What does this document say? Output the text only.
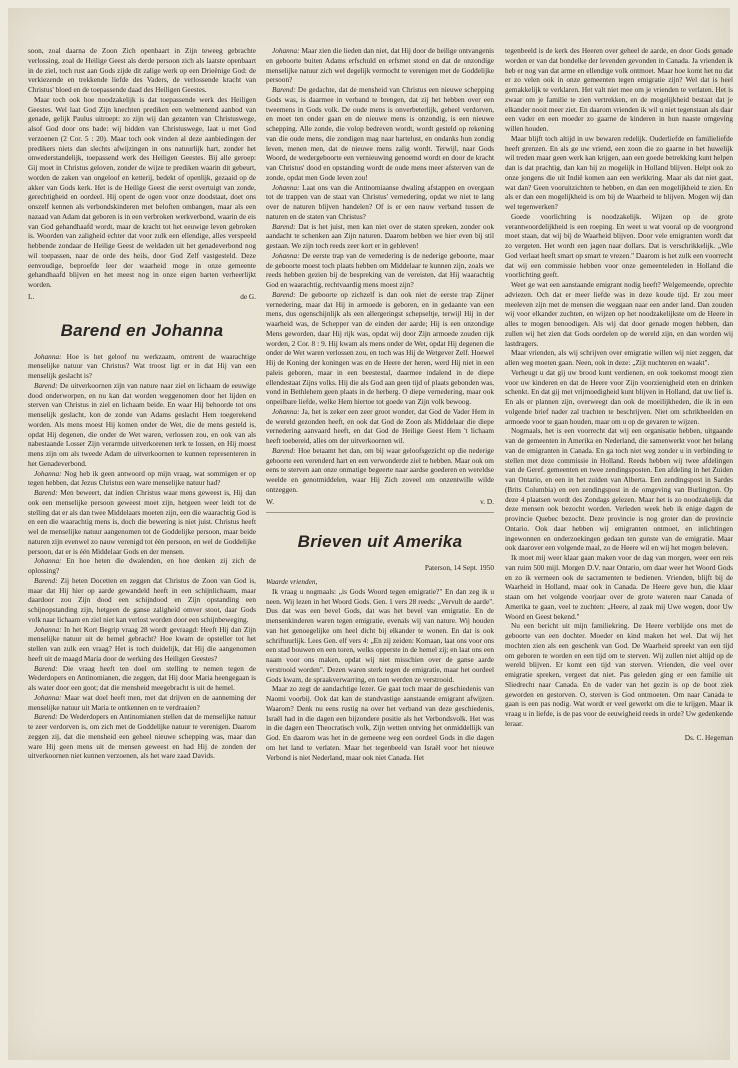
soon, zoal daarna de Zoon Zich openbaart in Zijn teweeg gebrachte verlossing, zoal de Heilige Geest als derde persoon zich als laatste openbaart in de ziel, toch rust aan Gods zijde dit zalige werk op een Drieënige God: de verkiezende en trekkende liefde des Vaders, de verlossende kracht van Christus' bloed en de toepassende daad des Heiligen Geestes.

Maar toch ook hoe noodzakelijk is dat toepassende werk des Heiligen Geestes. Wel laat God Zijn knechten prediken een welmenend aanbod van genade, gelijk Paulus uitroept: zo zijn wij dan gezanten van Christuswege, alsof God door ons bade: wij bidden van Christuswege, laat u met God verzoenen (2 Cor. 5 : 20). Maar toch ook vinden al deze aanbiedingen der predikers niets dan slechts afwijzingen in ons natuurlijk hart, zonder het onwederstandelijk, toepassend werk des Heiligen Geestes. Bij alle geroep: Gij moet in Christus geloven, zonder de wijze te prediken waarin dit gebeurt, worden de zaken van ongeloof en ketterij, bedekt of openlijk, gezaaid op de akker van Gods kerk. Het is de Heilige Geest die eerst overtuigt van zonde, gerechtigheid en oordeel. Hij opent de ogen voor onze doodstaat, doet ons onszelf kennen als verbondskinderen met beloften ombangen, maar als een nazaad van Adam dat geboren is in een verbroken werkverbond, waarin de eis van God gehandhaafd wordt, maar de kracht tot het eeuwige leven gebroken is. Woorden van zaligheid echter dat voor zulk een ellendige, alles verspeeld hebbende zondaar de Heilige Geest de weldaden uit het genadeverbond nog wil toepassen, naar de orde des heils, door God Zelf vastgesteld. Deze eenvoudige, beproefde leer der waarheid moge in onze gemeente gehandhaafd blijven en het meest nog in onze eigen harten verheerlijkt worden.

L.	de G.
Barend en Johanna

Johanna: Hoe is het geloof nu werkzaam, omtrent de waarachtige menselijke natuur van Christus? Wat troost ligt er in dat Hij van een menselijk geslacht is?

Barend: De uitverkoornen zijn van nature naar ziel en lichaam de eeuwige dood onderworpen, en nu kan dat worden weggenomen door het lijden en sterven van Christus in ziel en lichaam beide. En waar Hij behoorde tot ons menselijk geslacht, kon de zonde van Adams geslacht Hem toegerekend worden. Als mens moest Hij komen onder de Wet, die de mens gesteld is, opdat Hij degenen, die onder de Wet waren, verlossen zou, en ook van als nabestaande Losser Zijn verarmde uitverkorenen terk te lossen, en Hij moest mens zijn om als tweede Adam de uitverkoornen te kunnen representeren in het Genadeverbond.

Johanna: Nog heb ik geen antwoord op mijn vraag, wat sommigen er op tegen hebben, dat Jezus Christus een ware menselijke natuur had?

Barend: Men beweert, dat indien Christus waar mens geweest is, Hij dan ook een menselijke persoon geweest moet zijn, hetgeen weer leidt tot de stelling dat er als dan twee Middelaars moeten zijn, een die waarachtig God is en een die waarachtig mens is, doch die bewering is niet juist. Christus heeft wel de menselijke natuur aangenomen tot de Goddelijke persoon, maar beide naturen zijn evenwel zo nauw verenigd tot één persoon, en wel de Goddelijke persoon, dat er is één Middelaar Gods en der mensen.

Johanna: En hoe heten die dwalenden, en hoe denken zij zich de oplossing?

Barend: Zij heten Docetten en zeggen dat Christus de Zoon van God is, maar dat Hij hier op aarde gewandeld heeft in een schijnlichaam, maar daardoor zou Zijn dood een schijndood en Zijn opstanding een schijnopstanding zijn, hetgeen de ganse zaligheid omver stoot, daar Gods volk naar lichaam en ziel niet kan verlost worden door een schijnbeweging.

Johanna: In het Kort Begrip vraag 28 wordt gevraagd: Heeft Hij dan Zijn menselijke natuur uit de hemel gebracht? Hoe kwam de opsteller tot het stellen van zulk een vraag? Het is toch duidelijk, dat Hij die aangenomen heeft uit de maagd Maria door de werking des Heiligen Geestes?

Barend: Die vraag heeft ten doel om stelling te nemen tegen de Wederdopers en Antinomianen, die zeggen, dat Hij door Maria heengegaan is als water door een goot; dat die mensheid meegebracht is uit de hemel.

Johanna: Maar wat doel heeft men, met dat drijven en de aanneming der menselijke natuur uit Maria te ontkennen en te verdraaien?

Barend: De Wederdopers en Antinomianen stellen dat de menselijke natuur te zeer verdorven is, om zich met de Goddelijke natuur te verenigen. Daarom zeggen zij, dat die mensheid een geheel nieuwe schepping was, maar dan ware Hij geen mens uit de mensen geweest en had Hij de zonden der uitverkoornen niet kunnen verzoenen, als het ware zaad Davids.

Johanna: Maar zien die lieden dan niet, dat Hij door de heilige ontvangenis en geboorte buiten Adams erfschuld en erfsmet stond en dat de onzondige menselijke natuur zich wel degelijk vermocht te verenigen met de Goddelijke persoon?

Barend: De gedachte, dat de mensheid van Christus een nieuwe schepping Gods was, is daarmee in verband te brengen, dat zij het hebben over een tweemens in Gods volk. De oude mens is onverbeterlijk, geheel verdorven, en moet ten onder gaan en de nieuwe mens is onzondig, is een nieuwe schepping. Alle zonde, die volop bedreven wordt, wordt gesteld op rekening van die oude mens, die zondigen mag naar hartelust, en ondanks hun zondig leven, menen men, dat de nieuwe mens zalig wordt. Terwijl, naar Gods Woord, de wedergeboorte een vernieuwing genoemd wordt en door de kracht van Christus' dood en opstanding wordt de oude mens meer afsterven van de zonde, opdat men Gode leven zou!

Johanna: Laat ons van die Antinomiaanse dwaling afstappen en overgaan tot de trappen van de staat van Christus' vernedering, opdat we niet te lang over de naturen blijven handelen? Of is er een nauw verband tussen de naturen en de staten van Christus?

Barend: Dat is het juist, men kan niet over de staten spreken, zonder ook aandacht te schenken aan Zijn naturen. Daarom hebben we hier even bij stil gestaan. We zijn toch reeds zeer kort er in gebleven!

Johanna: De eerste trap van de vernedering is de nederige geboorte, maar de geboorte moest toch plaats hebben om Middelaar te kunnen zijn, zoals we reeds hebben gezien bij de bespreking van de vereisten, dat Hij waarachtig God en waarachtig, rechtvaardig mens moest zijn?

Barend: De geboorte op zichzelf is dan ook niet de eerste trap Zijner vernedering, maar dat Hij in armoede is geboren, en in gedaante van een mens, dus ogenschijnlijk als een allergeringst schepseltje, terwijl Hij in der waarheid was, de Schepper van de einden der aarde; Hij is een onzondige Mens geworden, daar Hij rijk was, opdat wij door Zijn armoede zouden rijk worden, 2 Cor. 8 : 9. Hij kwam als mens onder de Wet, opdat Hij degenen die onder de Wet waren verlossen zou, en toch was Hij de Wetgever Zelf. Hoewel Hij de Koning der koningen was en de Heere der heren, werd Hij niet in een paleis geboren, maar in een beestestal, daarmee indalend in de diepe ellendestaat Zijns volks. Hij die als God aan geen tijd of plaats gebonden was, vond in Bethlehem geen plaats in de herberg. O diepe vernedering, maar ook onpeilbare liefde, welke Hem hiertoe tot goede van Zijn volk bewoog.

Johanna: Ja, het is zeker een zeer groot wonder, dat God de Vader Hem in de wereld gezonden heeft, en ook dat God de Zoon als Middelaar die diepe vernedering aanvaard heeft, en dat God de Heilige Geest Hem 't lichaam heeft toebereid, alles om der uitverkoornen wil.

Barend: Hoe betaamt het dan, om bij waar geloofsgezicht op die nederige geboorte een verenderd hart en een verwonderde ziel te hebben. Maar ook om eens te sterven aan onze onmatige begeerte naar aardse goederen en wereldse weelde en genotmiddelen, waar Hij Zich zoveel om onzentwille wilde ontzeggen.

W.	v. D.
Brieven uit Amerika
Paterson, 14 Sept. 1950
Waarde vrienden,

Ik vraag u nogmaals: „is Gods Woord tegen emigratie?" En dan zeg ik u neen. Wij lezen in het Woord Gods. Gen. 1 vers 28 reeds: „Vervult de aarde". Dus dat was een bevel Gods, dat was het bevel van emigratie. En de mensenkinderen waren tegen emigratie, evenals wij van nature. Wij houden van het genoegelijke om heel dicht bij elkander te wonen. En dat is ook schriftuurlijk. Lees Gen. elf vers 4: „En zij zeiden: Komaan, laat ons voor ons een stad bouwen en een toren, welks opperste in de hemel zij; en laat ons een naam voor ons maken, opdat wij niet misschien over de ganse aarde verstrooid worden". Dezen waren sterk tegen de emigratie, maar het oordeel Gods kwam, de spraakverwarring, en toen werden ze verstrooid.

Maar zo zegt de aandachtige lezer. Ge gaat toch maar de geschiedenis van Naomi voorbij. Ook dat kan de standvastige aanstaande emigrant afwijzen. Waarom? Denk nu eens rustig na over het verband van deze geschiedenis, Israël had in die dagen een bijzondere positie als het Verbondsvolk. Het was in die dagen een Theocratisch volk, Zijn wetten ontving het onmiddellijk van God. En daarom was het in de gemeene weg een oordeel Gods in die dagen om het land te verlaten. Maar het tegenbeeld van Israël voor het nieuwe Verbond is niet Nederland, maar ook niet Canada. Het

tegenbeeld is de kerk des Heeren over geheel de aarde, en door Gods genade worden er van dat bondelke der levenden gevonden in Canada. Ja vrienden ik heb er nog van dat arme en ellendige volk ontmoet. Maar hoe komt het nu dat er zo velen ook in onze gemeenten tegen emigratie zijn? Wel dat is heel gemakkelijk te verklaren. Het valt niet mee om je vrienden te verlaten. Het is zwaar om je familie te zien vertrekken, en de mogelijkheid bestaat dat je elkander nooit meer ziet. En daarom vrienden ik wil u niet tegenstaan als daar een vader en een moeder zo gaarne de kinderen in hun naaste omgeving willen houden.

Maar blijft toch altijd in uw bewaren redelijk. Ouderliefde en familieliefde heeft grenzen. En als ge uw vriend, een zoon die zo gaarne in het huwelijk wil treden maar geen werk kan krijgen, aan een goede betrekking kunt helpen dan is dat prachtig, dan kan hij zo mogelijk in Holland blijven. Helpt ook zo onze jongens die uit Indië komen aan een werkkring. Maar als dat niet gaat, wat dan? Geen vooruitzichten te hebben, en dan een mogelijkheid te zien. En als er dan een mogelijkheid is om bij de Waarheid te blijven. Mogen wij dan wel tegenwerken?

Goede voorlichting is noodzakelijk. Wijzen op de grote verantwoordelijkheid is een roeping. En weet u wat vooral op de voorgrond moet staan, dat wij bij de Waarheid blijven. Door vele emigranten wordt dat zo vergeten. Het wordt een jagen naar dollars. Dat is verschrikkelijk. „Wie God verlaat heeft smart op smart te vrezen." Daarom is het zulk een voorrecht dat wij een commissie hebben voor onze gemeenteleden in Holland die voorlichting geeft.

Weet ge wat een aanstaande emigrant nodig heeft? Welgemeende, oprechte adviezen. Och dat er meer liefde was in deze koude tijd. Er zou meer meeleven zijn met de mensen die weggaan naar een ander land. Dan zouden wij voor elkander zuchten, en wijzen op het noodzakelijkste om de Heere in alles te mogen benoodigen. Als wij dat door genade mogen hebben, dan zullen wij het zien dat Gods oordelen op de wereld zijn, en dan worden wij lastdragers.

Maar vrienden, als wij schrijven over emigratie willen wij niet zeggen, dat allen weg moeten gaan. Neen, ook in deze: „Zijt nuchteren en waakt".

Verheugt u dat gij uw brood kunt verdienen, en ook toekomst moogt zien voor uw kinderen en dat de Heere voor Zijn voorzienigheid eten en drinken schenkt. En dat gij met vrijmoedigheid kunt blijven in Holland, dat uw lief is. En als er plannen zijn, overweegt dan ook de moeilijkheden, die ik in een volgende brief nader zal trachten te beschrijven. Niet om schrikbeelden en armoede voor te gaan houden, maar om u op de gevaren te wijzen.

Nogmaals, het is een voorrecht dat wij een organisatie hebben, uitgaande van de gemeenten in Amerika en Nederland, die samenwerkt voor het belang van de emigranten in Canada. En ga toch niet weg zonder u in verbinding te stellen met deze commissie in Holland. Reeds hebben wij twee afdelingen van de Geref. gemeenten en twee zendingsposten. Een afdeling in het Zuiden van Ontario, en een in het zuiden van Alberta. Een zendingspost in Sardes (Brits Columbia) en een zendingspost in de omgeving van Burlington. Op deze 4 plaatsen wordt des Zondags gelezen. Maar het is zo noodzakelijk dat deze mensen ook bezocht worden. Verleden week heb ik enige dagen de provincie Quebec bezocht. Deze provincie is nog groter dan de provincie Ontario. Ook daar hebben wij emigranten ontmoet, en inlichtingen ingewonnen en onderzoekingen gedaan ten gunste van de emigratie. Maar ook daarover een volgende maal, zo de Heere wil en wij het mogen beleven.

Ik moet mij weer klaar gaan maken voor de dag van morgen, weer een reis van ruim 500 mijl. Morgen D.V. naar Ontario, om daar weer het Woord Gods en zo ik vermeen ook de sacramenten te bedienen. Vrienden, blijft bij de Waarheid in Holland, maar ook in Canada. De Heere geve hun, die klaar staan om het volgende voorjaar over de grote wateren naar Canada of Amerika te gaan, veel te zuchten: „Heere, al zaak mij Uwe wegen, door Uw Woord en Geest bekend."

Nu een bericht uit mijn familiekring. De Heere verblijde ons met de geboorte van een dochter. Moeder en kind maken het wel. Dat wij het mochten zien als een geschenk van God. De Waarheid spreekt van een tijd om geboren te worden en een tijd om te sterven. Wij zullen niet altijd op de wereld blijven. Er komt een tijd van sterven. Vrienden, die veel over emigratie spreken, vergeet dat niet. Pas geleden ging er een familie uit Sliedrecht naar Canada. En de vader van het gezin is op de boot ziek geworden en gestorven. O, sterven is God ontmoeten. Om naar Canada te gaan is een pas nodig. Wat wordt er veel gewerkt om die te krijgen. Maar ik vraag u in liefde, is de pas voor de eeuwigheid reeds in orde? Uw gedenkende leraar.

Ds. C. Hegeman
